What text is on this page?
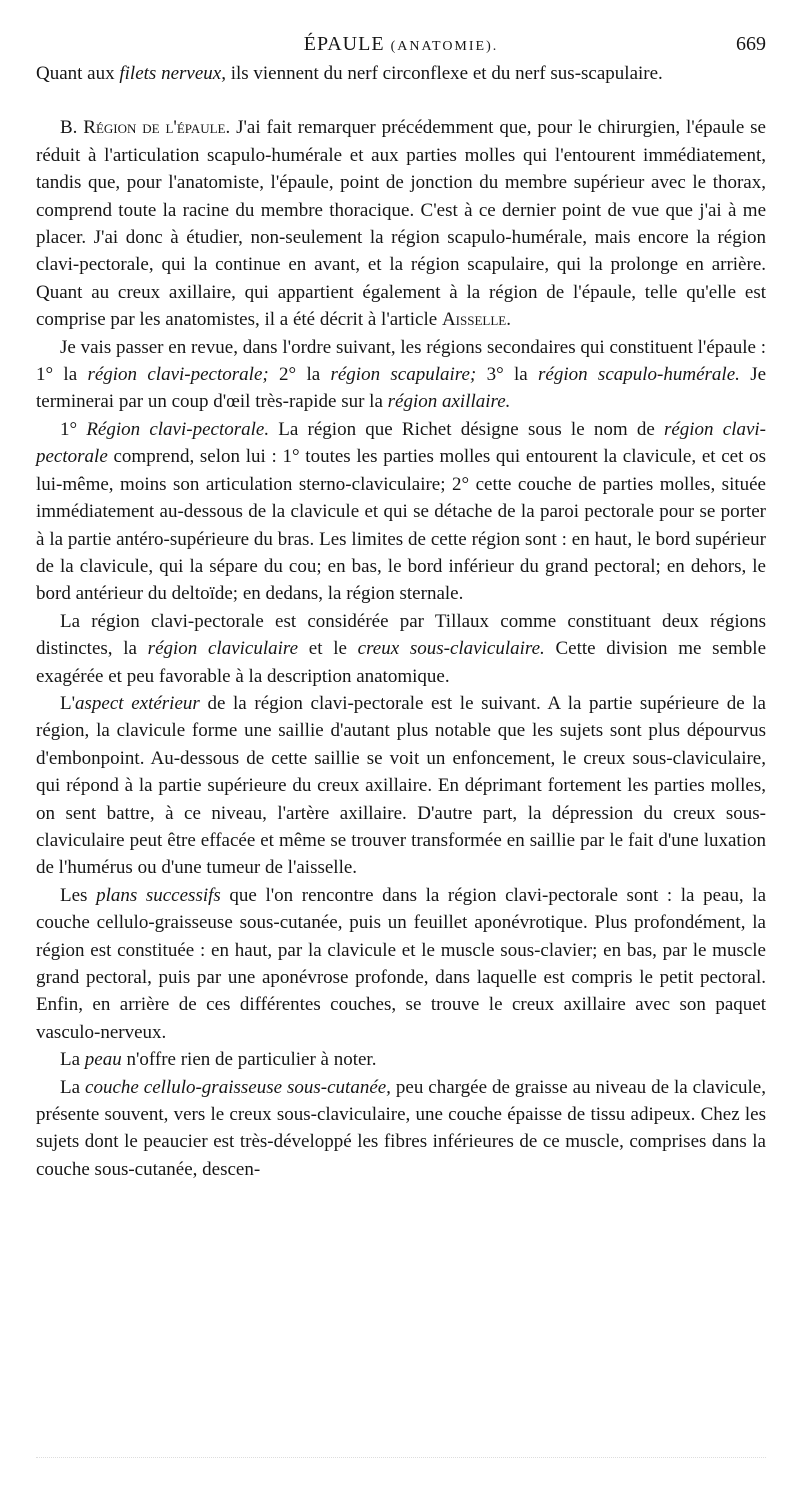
ÉPAULE (ANATOMIE).	669

Quant aux filets nerveux, ils viennent du nerf circonflexe et du nerf sus-scapulaire.

B. Région de l'épaule. J'ai fait remarquer précédemment que, pour le chirurgien, l'épaule se réduit à l'articulation scapulo-humérale et aux parties molles qui l'entourent immédiatement, tandis que, pour l'anatomiste, l'épaule, point de jonction du membre supérieur avec le thorax, comprend toute la racine du membre thoracique. C'est à ce dernier point de vue que j'ai à me placer. J'ai donc à étudier, non-seulement la région scapulo-humérale, mais encore la région clavi-pectorale, qui la continue en avant, et la région scapulaire, qui la prolonge en arrière. Quant au creux axillaire, qui appartient également à la région de l'épaule, telle qu'elle est comprise par les anatomistes, il a été décrit à l'article Aisselle.

Je vais passer en revue, dans l'ordre suivant, les régions secondaires qui constituent l'épaule : 1° la région clavi-pectorale; 2° la région scapulaire; 3° la région scapulo-humérale. Je terminerai par un coup d'œil très-rapide sur la région axillaire.

1° Région clavi-pectorale. La région que Richet désigne sous le nom de région clavi-pectorale comprend, selon lui : 1° toutes les parties molles qui entourent la clavicule, et cet os lui-même, moins son articulation sterno-claviculaire; 2° cette couche de parties molles, située immédiatement au-dessous de la clavicule et qui se détache de la paroi pectorale pour se porter à la partie antéro-supérieure du bras. Les limites de cette région sont : en haut, le bord supérieur de la clavicule, qui la sépare du cou; en bas, le bord inférieur du grand pectoral; en dehors, le bord antérieur du deltoïde; en dedans, la région sternale.

La région clavi-pectorale est considérée par Tillaux comme constituant deux régions distinctes, la région claviculaire et le creux sous-claviculaire. Cette division me semble exagérée et peu favorable à la description anatomique.

L'aspect extérieur de la région clavi-pectorale est le suivant. A la partie supérieure de la région, la clavicule forme une saillie d'autant plus notable que les sujets sont plus dépourvus d'embonpoint. Au-dessous de cette saillie se voit un enfoncement, le creux sous-claviculaire, qui répond à la partie supérieure du creux axillaire. En déprimant fortement les parties molles, on sent battre, à ce niveau, l'artère axillaire. D'autre part, la dépression du creux sous-claviculaire peut être effacée et même se trouver transformée en saillie par le fait d'une luxation de l'humérus ou d'une tumeur de l'aisselle.

Les plans successifs que l'on rencontre dans la région clavi-pectorale sont : la peau, la couche cellulo-graisseuse sous-cutanée, puis un feuillet aponévrotique. Plus profondément, la région est constituée : en haut, par la clavicule et le muscle sous-clavier; en bas, par le muscle grand pectoral, puis par une aponévrose profonde, dans laquelle est compris le petit pectoral. Enfin, en arrière de ces différentes couches, se trouve le creux axillaire avec son paquet vasculo-nerveux.

La peau n'offre rien de particulier à noter.

La couche cellulo-graisseuse sous-cutanée, peu chargée de graisse au niveau de la clavicule, présente souvent, vers le creux sous-claviculaire, une couche épaisse de tissu adipeux. Chez les sujets dont le peaucier est très-développé les fibres inférieures de ce muscle, comprises dans la couche sous-cutanée, descen-
